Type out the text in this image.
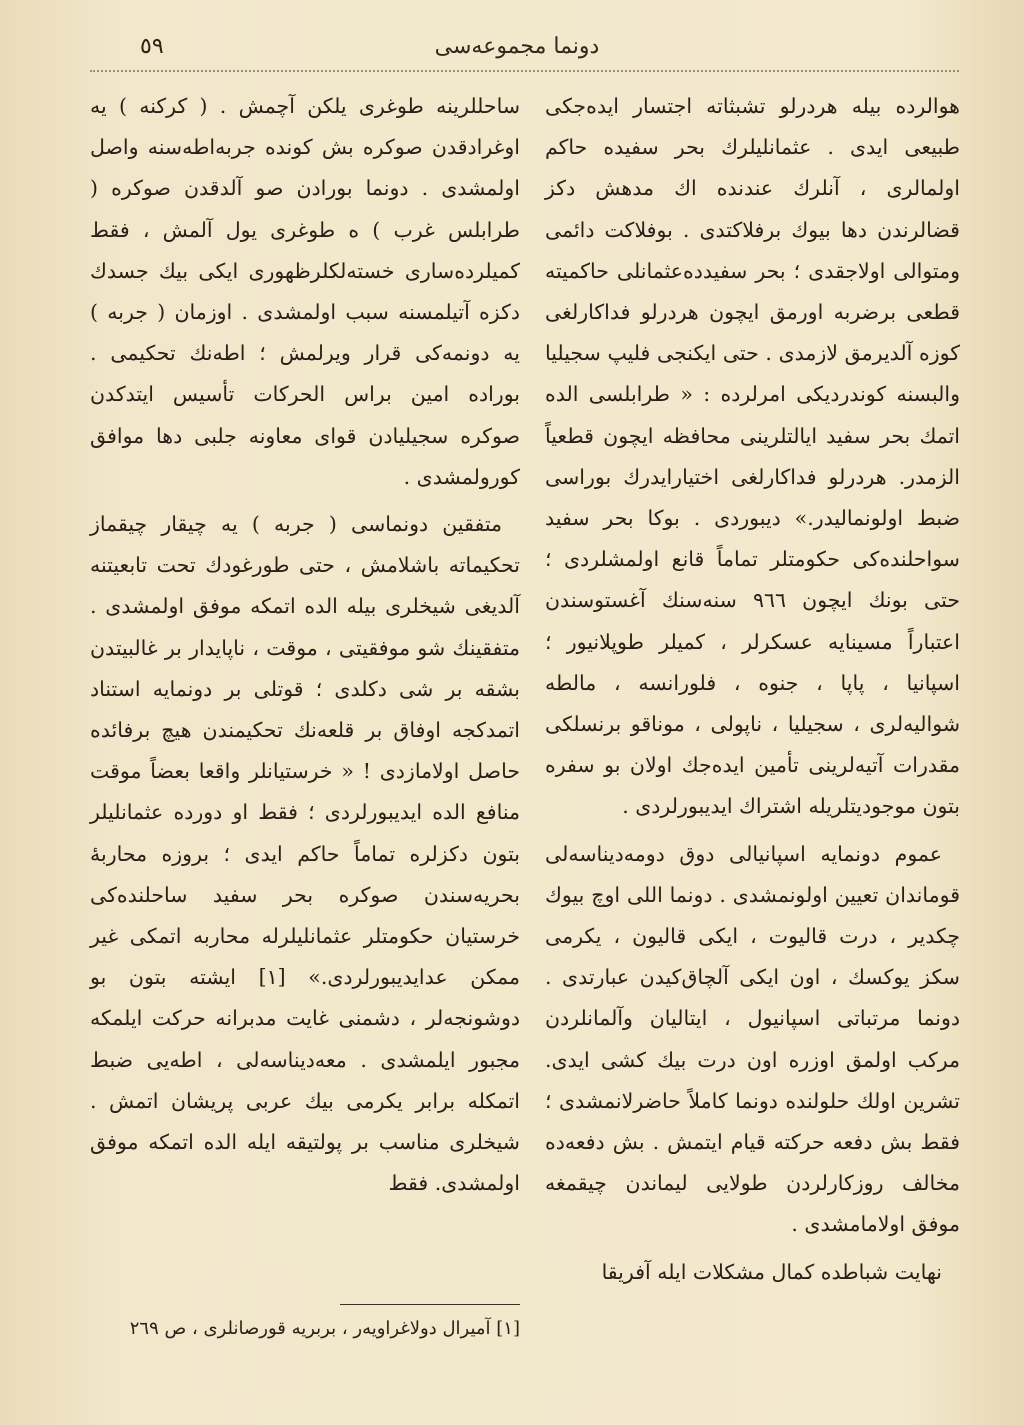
دونما مجموعه‌سی
٥٩

هوالرده بیله هردرلو تشبثاته اجتسار ایده‌جکی طبیعی ایدی . عثمانلیلرك بحر سفیده حاکم اولمالری ، آنلرك عندنده اك مدهش دکز قضالرندن دها بیوك برفلاکتدی . بوفلاکت دائمی ومتوالی اولاجقدی ؛ بحر سفیدده‌عثمانلی حاکمیته قطعی برضربه اورمق ایچون هردرلو فداکارلغی کوزه آلدیرمق لازمدی . حتی ایکنجی فلیپ سجیلیا والبسنه کوندردیکی امرلرده : « طرابلسی الده اتمك بحر سفید ایالتلرینی محافظه ایچون قطعیاً الزمدر. هردرلو فداکارلغی اختیارایدرك بوراسی ضبط اولونمالیدر.» دیبوردی . بوکا بحر سفید سواحلنده‌کی حکومتلر تماماً قانع اولمشلردی ؛ حتی بونك ایچون ٩٦٦ سنه‌سنك آغستوسندن اعتباراً مسینایه عسکرلر ، کمیلر طوپلانیور ؛ اسپانیا ، پاپا ، جنوه ، فلورانسه ، مالطه شوالیه‌لری ، سجیلیا ، ناپولی ، موناقو برنسلکی مقدرات آتیه‌لرینی تأمین ایده‌جك اولان بو سفره بتون موجودیتلریله اشتراك ایدیبورلردی .

عموم دونمایه اسپانیالی دوق دومه‌دیناسه‌لی قوماندان تعیین اولونمشدی . دونما اللی اوچ بیوك چکدیر ، درت قالیوت ، ایکی قالیون ، یکرمی سکز یوکسك ، اون ایکی آلچاق‌کیدن عبارتدی . دونما مرتباتی اسپانیول ، ایتالیان وآلمانلردن مرکب اولمق اوزره اون درت بیك کشی ایدی. تشرین اولك حلولنده دونما کاملاً حاضرلانمشدی ؛ فقط بش دفعه حرکته قیام ایتمش . بش دفعه‌ده مخالف روزکارلردن طولایی لیماندن چیقمغه موفق اولامامشدی .

نهایت شباطده کمال مشکلات ایله آفریقا

ساحللرینه طوغری یلکن آچمش . ( کرکنه ) یه اوغرادقدن صوکره بش کونده جربه‌اطه‌سنه واصل اولمشدی . دونما بورادن صو آلدقدن صوکره ( طرابلس غرب ) ه طوغری یول آلمش ، فقط کمیلرده‌ساری خسته‌لکلرظهوری ایکی بیك جسدك دکزه آتیلمسنه سبب اولمشدی . اوزمان ( جربه ) یه دونمه‌کی قرار ویرلمش ؛ اطه‌نك تحکیمی . بوراده امین براس الحرکات تأسیس ایتدکدن صوکره سجیلیادن قوای معاونه جلبی دها موافق کورولمشدی .

متفقین دونماسی ( جربه ) یه چیقار چیقماز تحکیماته باشلامش ، حتی طورغودك تحت تابعیتنه آلدیغی شیخلری بیله الده اتمکه موفق اولمشدی . متفقینك شو موفقیتی ، موقت ، ناپایدار بر غالبیتدن بشقه بر شی دکلدی ؛ قوتلی بر دونمایه استناد اتمدکجه اوفاق بر قلعه‌نك تحکیمندن هیچ برفائده حاصل اولامازدی ! « خرستیانلر واقعا بعضاً موقت منافع الده ایدیبورلردی ؛ فقط او دورده عثمانلیلر بتون دکزلره تماماً حاکم ایدی ؛ بروزه محاربهٔ بحریه‌سندن صوکره بحر سفید ساحلنده‌کی خرستیان حکومتلر عثمانلیلرله محاربه اتمکی غیر ممکن عدایدیبورلردی.» [١] ایشته بتون بو دوشونجه‌لر ، دشمنی غایت مدبرانه حرکت ایلمکه مجبور ایلمشدی . معه‌دیناسه‌لی ، اطه‌یی ضبط اتمکله برابر یکرمی بیك عربی پریشان اتمش . شیخلری مناسب بر پولتیقه ایله الده اتمکه موفق اولمشدی. فقط

[١] آمیرال دولاغراویه‌ر ، بربریه قورصانلری ، ص ٢٦٩
